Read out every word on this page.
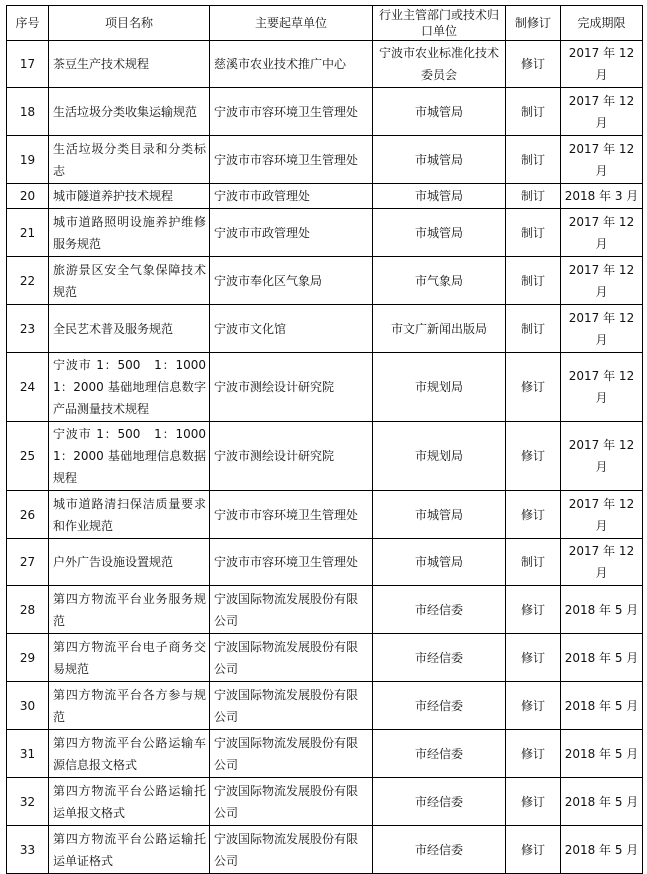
序号	项目名称	主要起草单位	行业主管部门或技术归口单位	制修订	完成期限
17	茶豆生产技术规程	慈溪市农业技术推广中心	宁波市农业标准化技术委员会	修订	2017 年 12 月
18	生活垃圾分类收集运输规范	宁波市市容环境卫生管理处	市城管局	制订	2017 年 12 月
19	生活垃圾分类目录和分类标志	宁波市市容环境卫生管理处	市城管局	制订	2017 年 12 月
20	城市隧道养护技术规程	宁波市市政管理处	市城管局	制订	2018 年 3 月
21	城市道路照明设施养护维修服务规范	宁波市市政管理处	市城管局	制订	2017 年 12 月
22	旅游景区安全气象保障技术规范	宁波市奉化区气象局	市气象局	制订	2017 年 12 月
23	全民艺术普及服务规范	宁波市文化馆	市文广新闻出版局	制订	2017 年 12 月
24	宁波市 1：500　1：1000　1：2000 基础地理信息数字产品测量技术规程	宁波市测绘设计研究院	市规划局	修订	2017 年 12 月
25	宁波市 1：500　1：1000　1：2000 基础地理信息数据规程	宁波市测绘设计研究院	市规划局	修订	2017 年 12 月
26	城市道路清扫保洁质量要求和作业规范	宁波市市容环境卫生管理处	市城管局	修订	2017 年 12 月
27	户外广告设施设置规范	宁波市市容环境卫生管理处	市城管局	制订	2017 年 12 月
28	第四方物流平台业务服务规范	宁波国际物流发展股份有限公司	市经信委	修订	2018 年 5 月
29	第四方物流平台电子商务交易规范	宁波国际物流发展股份有限公司	市经信委	修订	2018 年 5 月
30	第四方物流平台各方参与规范	宁波国际物流发展股份有限公司	市经信委	修订	2018 年 5 月
31	第四方物流平台公路运输车源信息报文格式	宁波国际物流发展股份有限公司	市经信委	修订	2018 年 5 月
32	第四方物流平台公路运输托运单报文格式	宁波国际物流发展股份有限公司	市经信委	修订	2018 年 5 月
33	第四方物流平台公路运输托运单证格式	宁波国际物流发展股份有限公司	市经信委	修订	2018 年 5 月
